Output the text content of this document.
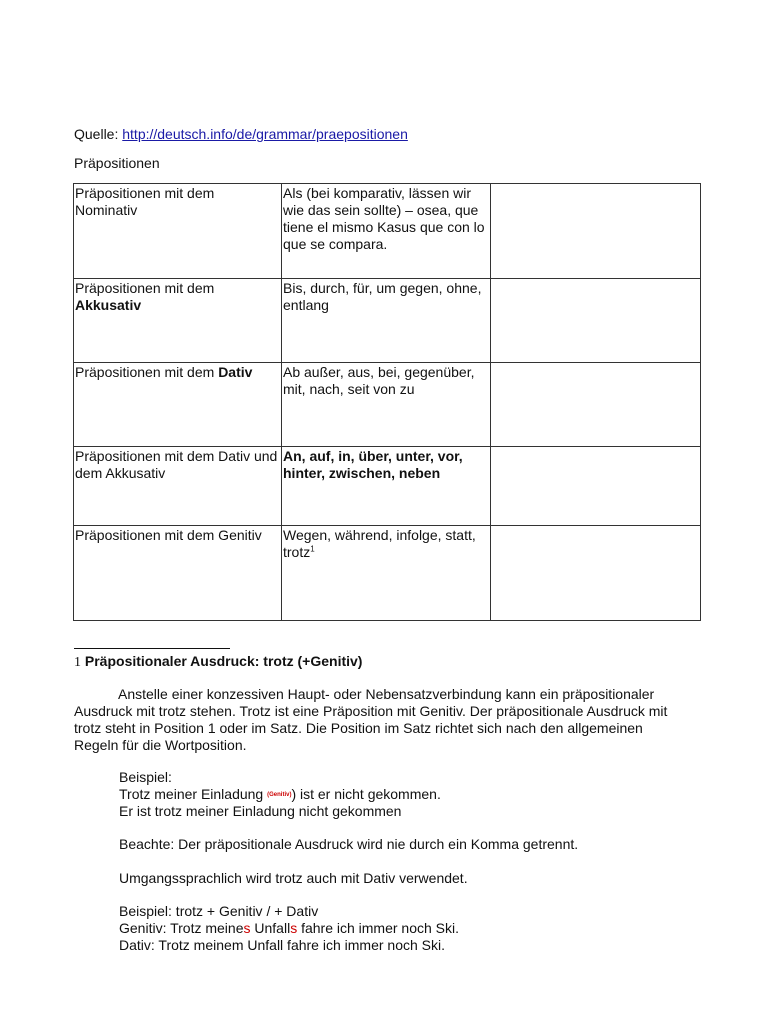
Quelle: http://deutsch.info/de/grammar/praepositionen
Präpositionen
Präpositionen mit dem Nominativ	Als (bei komparativ, lässen wir wie das sein sollte) – osea, que tiene el mismo Kasus que con lo que se compara.	
Präpositionen mit dem
Akkusativ	Bis, durch, für, um gegen, ohne, entlang	
Präpositionen mit dem Dativ	Ab außer, aus, bei, gegenüber, mit, nach, seit von zu	
Präpositionen mit dem Dativ und dem Akkusativ	An, auf, in, über, unter, vor, hinter, zwischen, neben	
Präpositionen mit dem Genitiv	Wegen, während, infolge, statt, trotz$^1$	
1 Präpositionaler Ausdruck: trotz (+Genitiv)
Anstelle einer konzessiven Haupt- oder Nebensatzverbindung kann ein präpositionaler Ausdruck mit trotz stehen. Trotz ist eine Präposition mit Genitiv. Der präpositionale Ausdruck mit trotz steht in Position 1 oder im Satz. Die Position im Satz richtet sich nach den allgemeinen Regeln für die Wortposition.
Beispiel:
Trotz meiner Einladung (Genitiv)) ist er nicht gekommen.
Er ist trotz meiner Einladung nicht gekommen
Beachte: Der präpositionale Ausdruck wird nie durch ein Komma getrennt.
Umgangssprachlich wird trotz auch mit Dativ verwendet.
Beispiel: trotz + Genitiv / + Dativ
Genitiv: Trotz meines Unfalls fahre ich immer noch Ski.
Dativ: Trotz meinem Unfall fahre ich immer noch Ski.
